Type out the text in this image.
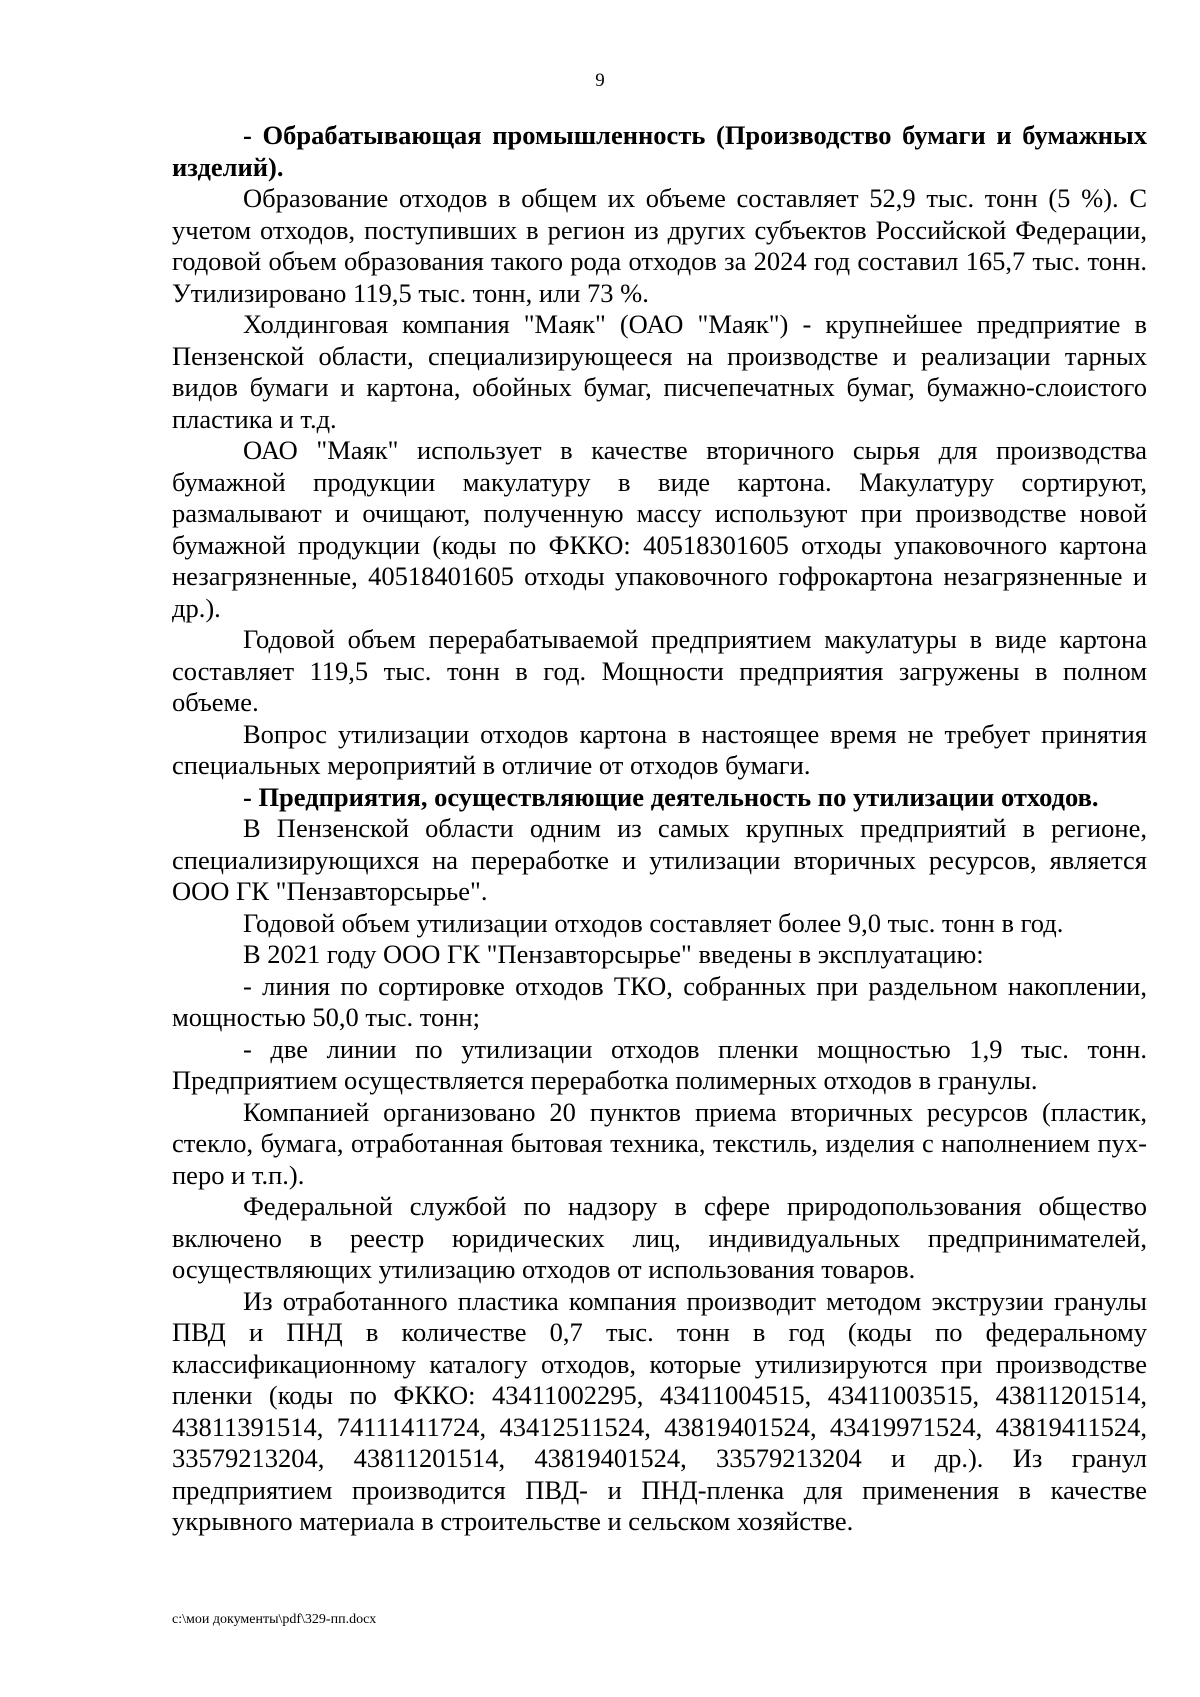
9

- Обрабатывающая промышленность (Производство бумаги и бумажных изделий).

Образование отходов в общем их объеме составляет 52,9 тыс. тонн (5 %). С учетом отходов, поступивших в регион из других субъектов Российской Федерации, годовой объем образования такого рода отходов за 2024 год составил 165,7 тыс. тонн. Утилизировано 119,5 тыс. тонн, или 73 %.

Холдинговая компания "Маяк" (ОАО "Маяк") - крупнейшее предприятие в Пензенской области, специализирующееся на производстве и реализации тарных видов бумаги и картона, обойных бумаг, писчепечатных бумаг, бумажно-слоистого пластика и т.д.

ОАО "Маяк" использует в качестве вторичного сырья для производства бумажной продукции макулатуру в виде картона. Макулатуру сортируют, размалывают и очищают, полученную массу используют при производстве новой бумажной продукции (коды по ФККО: 40518301605 отходы упаковочного картона незагрязненные, 40518401605 отходы упаковочного гофрокартона незагрязненные и др.).

Годовой объем перерабатываемой предприятием макулатуры в виде картона составляет 119,5 тыс. тонн в год. Мощности предприятия загружены в полном объеме.

Вопрос утилизации отходов картона в настоящее время не требует принятия специальных мероприятий в отличие от отходов бумаги.

- Предприятия, осуществляющие деятельность по утилизации отходов.

В Пензенской области одним из самых крупных предприятий в регионе, специализирующихся на переработке и утилизации вторичных ресурсов, является ООО ГК "Пензавторсырье".

Годовой объем утилизации отходов составляет более 9,0 тыс. тонн в год.

В 2021 году ООО ГК "Пензавторсырье" введены в эксплуатацию:

- линия по сортировке отходов ТКО, собранных при раздельном накоплении, мощностью 50,0 тыс. тонн;

- две линии по утилизации отходов пленки мощностью 1,9 тыс. тонн. Предприятием осуществляется переработка полимерных отходов в гранулы.

Компанией организовано 20 пунктов приема вторичных ресурсов (пластик, стекло, бумага, отработанная бытовая техника, текстиль, изделия с наполнением пух-перо и т.п.).

Федеральной службой по надзору в сфере природопользования общество включено в реестр юридических лиц, индивидуальных предпринимателей, осуществляющих утилизацию отходов от использования товаров.

Из отработанного пластика компания производит методом экструзии гранулы ПВД и ПНД в количестве 0,7 тыс. тонн в год (коды по федеральному классификационному каталогу отходов, которые утилизируются при производстве пленки (коды по ФККО: 43411002295, 43411004515, 43411003515, 43811201514, 43811391514, 74111411724, 43412511524, 43819401524, 43419971524, 43819411524, 33579213204, 43811201514, 43819401524, 33579213204 и др.). Из гранул предприятием производится ПВД- и ПНД-пленка для применения в качестве укрывного материала в строительстве и сельском хозяйстве.

c:\мои документы\pdf\329-пп.docx
